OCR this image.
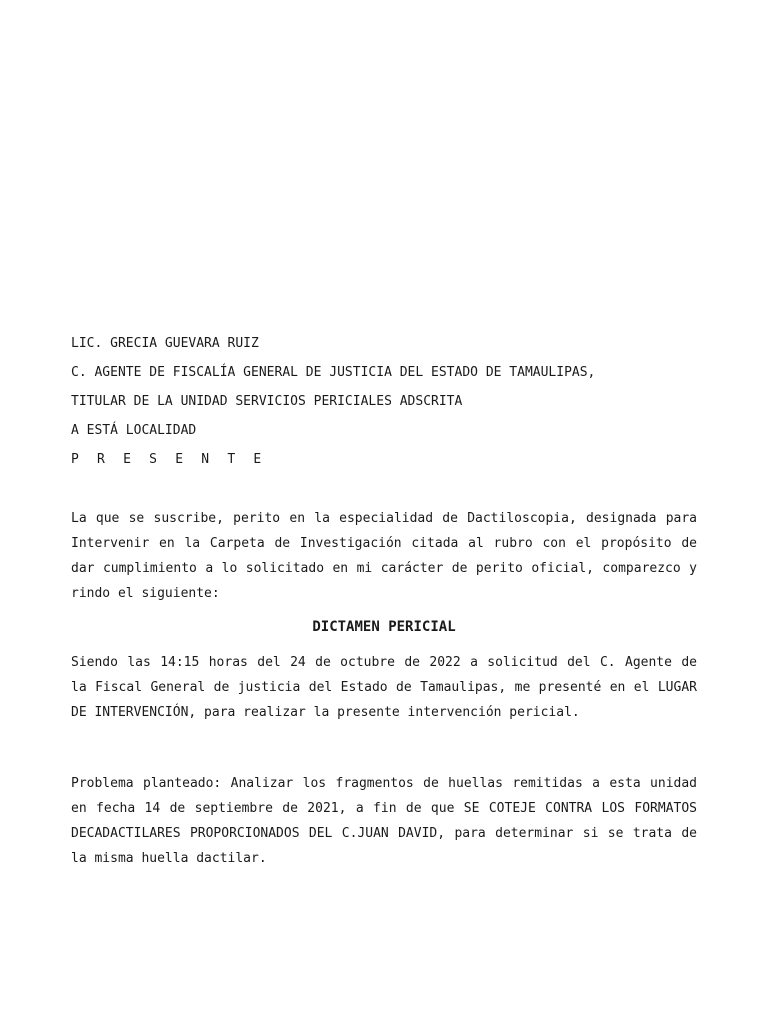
LIC. GRECIA GUEVARA RUIZ
C. AGENTE DE FISCALÍA GENERAL DE JUSTICIA DEL ESTADO DE TAMAULIPAS,
TITULAR DE LA UNIDAD SERVICIOS PERICIALES ADSCRITA
A ESTÁ LOCALIDAD
P R E S E N T E

La que se suscribe, perito en la especialidad de Dactiloscopia, designada para Intervenir en la Carpeta de Investigación citada al rubro con el propósito de dar cumplimiento a lo solicitado en mi carácter de perito oficial, comparezco y rindo el siguiente:

DICTAMEN PERICIAL

Siendo las 14:15 horas del 24 de octubre de 2022 a solicitud del C. Agente de la Fiscal General de justicia del Estado de Tamaulipas, me presenté en el LUGAR DE INTERVENCIÓN, para realizar la presente intervención pericial.

Problema planteado: Analizar los fragmentos de huellas remitidas a esta unidad en fecha 14 de septiembre de 2021, a fin de que SE COTEJE CONTRA LOS FORMATOS DECADACTILARES PROPORCIONADOS DEL C.JUAN DAVID, para determinar si se trata de la misma huella dactilar.
